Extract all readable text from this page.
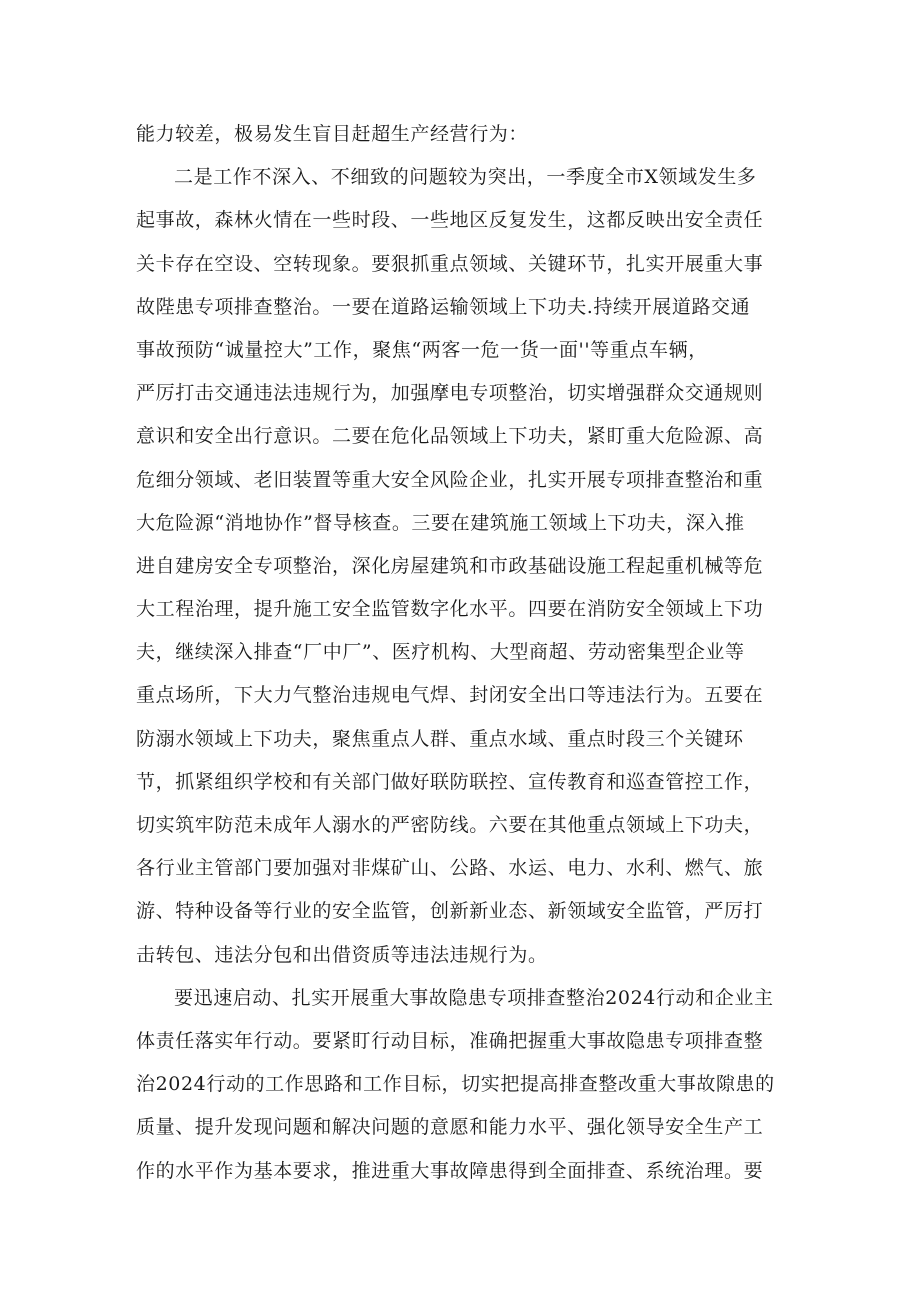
能力较差，极易发生盲目赶超生产经营行为：
二是工作不深入、不细致的问题较为突出，一季度全市X领域发生多
起事故，森林火情在一些时段、一些地区反复发生，这都反映出安全责任
关卡存在空设、空转现象。要狠抓重点领域、关键环节，扎实开展重大事
故陛患专项排查整治。一要在道路运输领域上下功夫.持续开展道路交通
事故预防“诚量控大”工作，聚焦“两客一危一货一面''等重点车辆，
严厉打击交通违法违规行为，加强摩电专项整治，切实增强群众交通规则
意识和安全出行意识。二要在危化品领域上下功夫，紧盯重大危险源、高
危细分领域、老旧装置等重大安全风险企业，扎实开展专项排查整治和重
大危险源“消地协作”督导核查。三要在建筑施工领域上下功夫，深入推
进自建房安全专项整治，深化房屋建筑和市政基础设施工程起重机械等危
大工程治理，提升施工安全监管数字化水平。四要在消防安全领域上下功
夫，继续深入排查“厂中厂”、医疗机构、大型商超、劳动密集型企业等
重点场所，下大力气整治违规电气焊、封闭安全出口等违法行为。五要在
防溺水领域上下功夫，聚焦重点人群、重点水域、重点时段三个关键环
节，抓紧组织学校和有关部门做好联防联控、宣传教育和巡查管控工作，
切实筑牢防范未成年人溺水的严密防线。六要在其他重点领域上下功夫，
各行业主管部门要加强对非煤矿山、公路、水运、电力、水利、燃气、旅
游、特种设备等行业的安全监管，创新新业态、新领域安全监管，严厉打
击转包、违法分包和出借资质等违法违规行为。
要迅速启动、扎实开展重大事故隐患专项排查整治2024行动和企业主
体责任落实年行动。要紧盯行动目标，准确把握重大事故隐患专项排查整
治2024行动的工作思路和工作目标，切实把提高排查整改重大事故隙患的
质量、提升发现问题和解决问题的意愿和能力水平、强化领导安全生产工
作的水平作为基本要求，推进重大事故障患得到全面排查、系统治理。要
